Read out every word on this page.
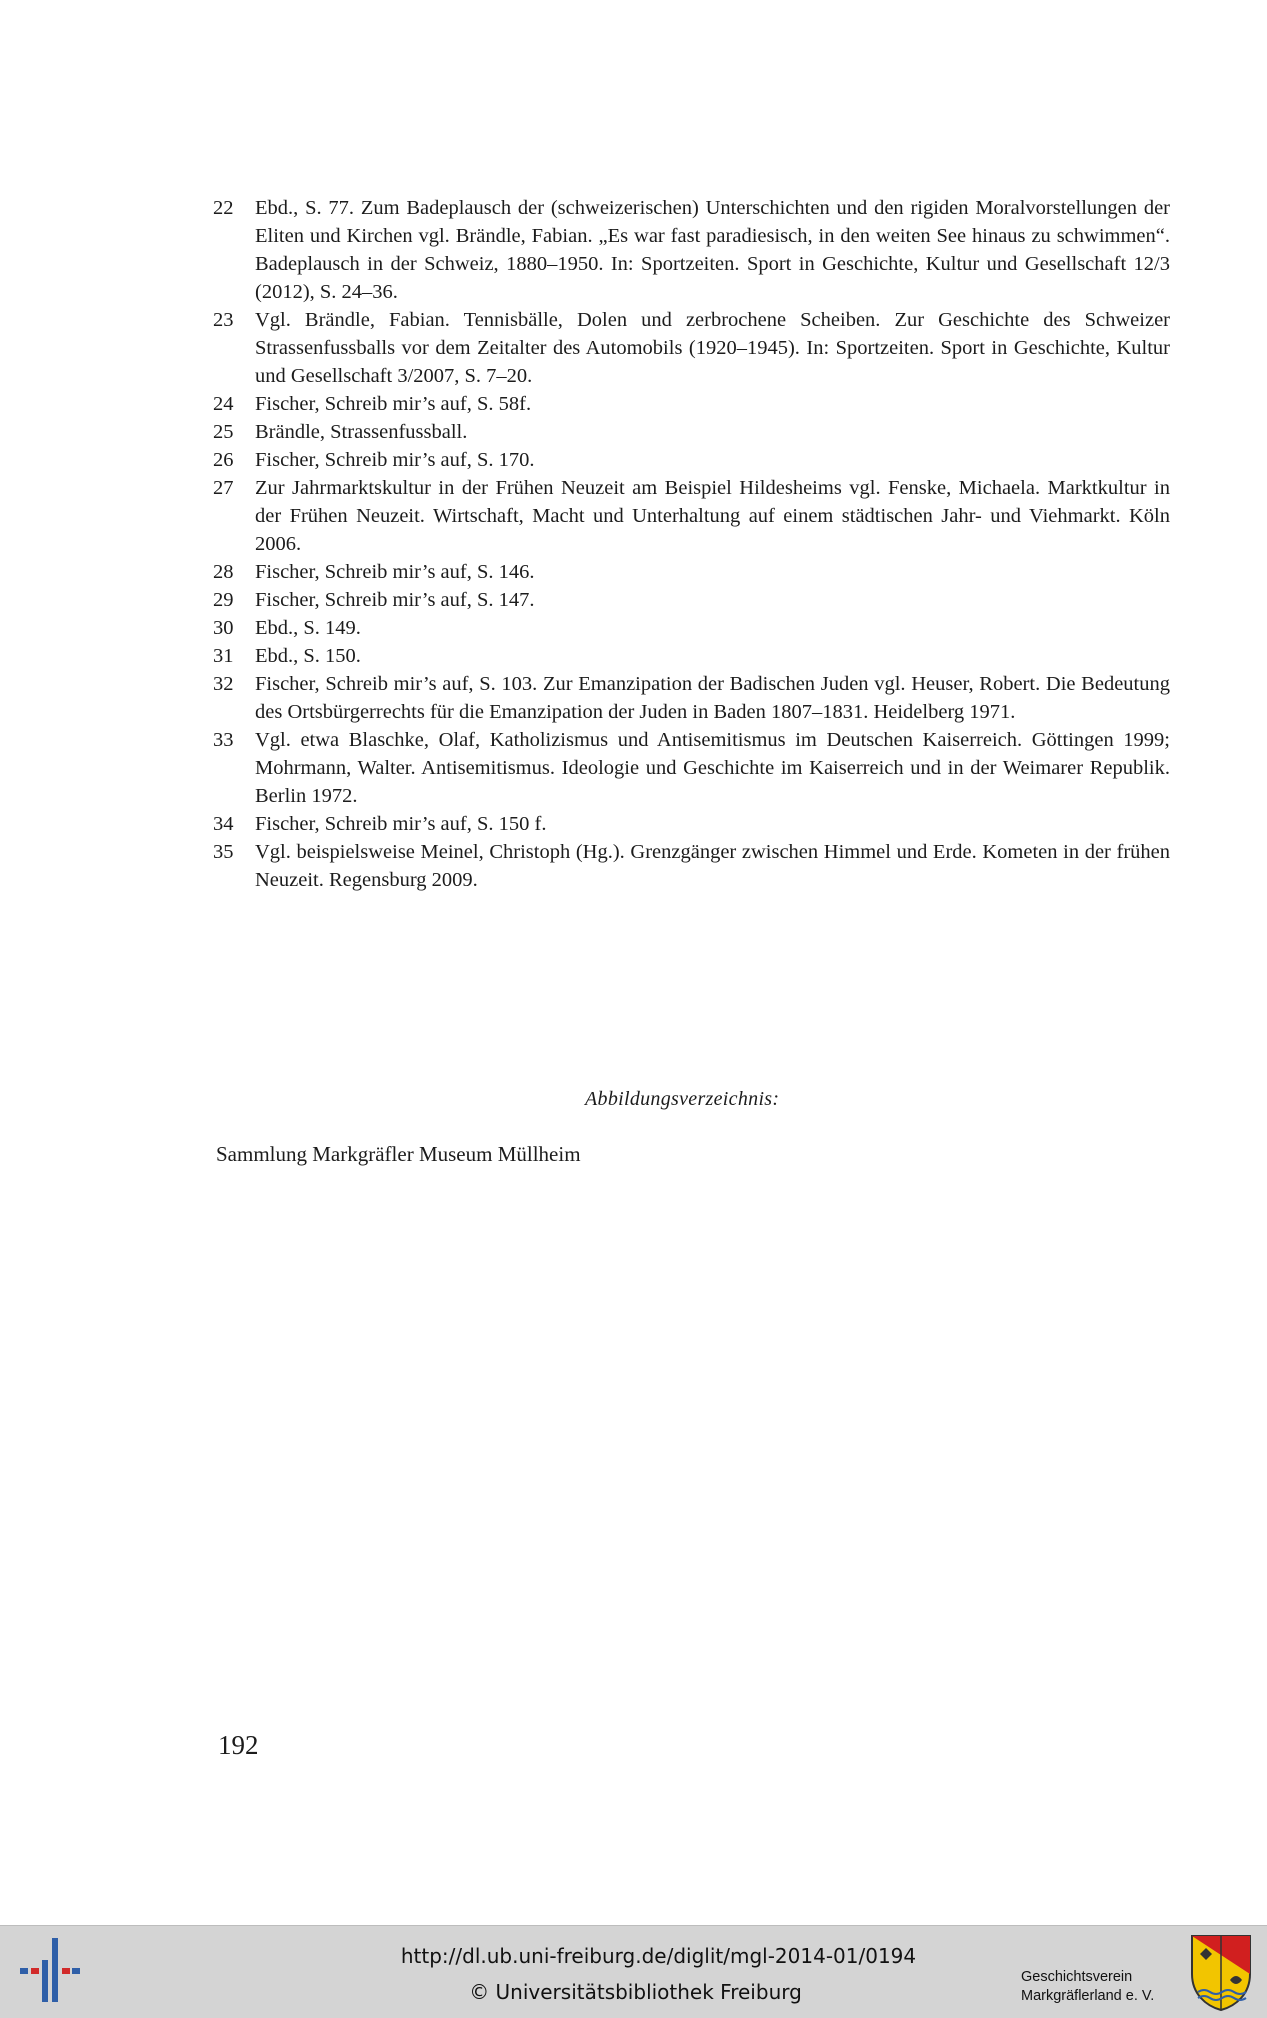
22 Ebd., S. 77. Zum Badeplausch der (schweizerischen) Unterschichten und den rigiden Moralvorstellungen der Eliten und Kirchen vgl. Brändle, Fabian. „Es war fast paradiesisch, in den weiten See hinaus zu schwimmen“. Badeplausch in der Schweiz, 1880–1950. In: Sportzeiten. Sport in Geschichte, Kultur und Gesellschaft 12/3 (2012), S. 24–36.
23 Vgl. Brändle, Fabian. Tennisbälle, Dolen und zerbrochene Scheiben. Zur Geschichte des Schweizer Strassenfussballs vor dem Zeitalter des Automobils (1920–1945). In: Sportzeiten. Sport in Geschichte, Kultur und Gesellschaft 3/2007, S. 7–20.
24 Fischer, Schreib mir’s auf, S. 58f.
25 Brändle, Strassenfussball.
26 Fischer, Schreib mir’s auf, S. 170.
27 Zur Jahrmarktskultur in der Frühen Neuzeit am Beispiel Hildesheims vgl. Fenske, Michaela. Marktkultur in der Frühen Neuzeit. Wirtschaft, Macht und Unterhaltung auf einem städtischen Jahr- und Viehmarkt. Köln 2006.
28 Fischer, Schreib mir’s auf, S. 146.
29 Fischer, Schreib mir’s auf, S. 147.
30 Ebd., S. 149.
31 Ebd., S. 150.
32 Fischer, Schreib mir’s auf, S. 103. Zur Emanzipation der Badischen Juden vgl. Heuser, Robert. Die Bedeutung des Ortsbürgerrechts für die Emanzipation der Juden in Baden 1807–1831. Heidelberg 1971.
33 Vgl. etwa Blaschke, Olaf, Katholizismus und Antisemitismus im Deutschen Kaiserreich. Göttingen 1999; Mohrmann, Walter. Antisemitismus. Ideologie und Geschichte im Kaiserreich und in der Weimarer Republik. Berlin 1972.
34 Fischer, Schreib mir’s auf, S. 150 f.
35 Vgl. beispielsweise Meinel, Christoph (Hg.). Grenzgänger zwischen Himmel und Erde. Kometen in der frühen Neuzeit. Regensburg 2009.
Abbildungsverzeichnis:
Sammlung Markgräfler Museum Müllheim
192
http://dl.ub.uni-freiburg.de/diglit/mgl-2014-01/0194
© Universitätsbibliothek Freiburg
Geschichtsverein
Markgräflerland e. V.
